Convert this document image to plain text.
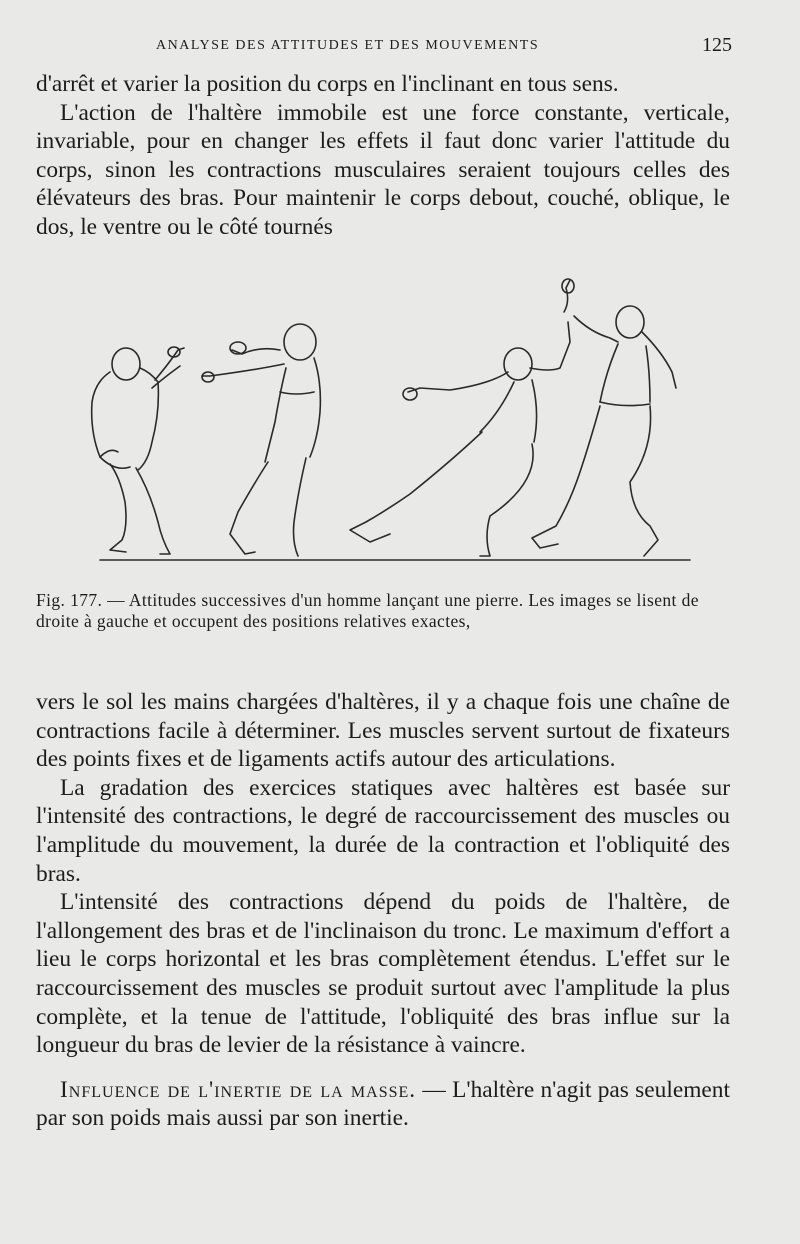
ANALYSE DES ATTITUDES ET DES MOUVEMENTS	125

d'arrêt et varier la position du corps en l'inclinant en tous sens.

L'action de l'haltère immobile est une force constante, verticale, invariable, pour en changer les effets il faut donc varier l'attitude du corps, sinon les contractions musculaires seraient toujours celles des élévateurs des bras. Pour maintenir le corps debout, couché, oblique, le dos, le ventre ou le côté tournés

Fig. 177. — Attitudes successives d'un homme lançant une pierre. Les images se lisent de droite à gauche et occupent des positions relatives exactes,

vers le sol les mains chargées d'haltères, il y a chaque fois une chaîne de contractions facile à déterminer. Les muscles servent surtout de fixateurs des points fixes et de ligaments actifs autour des articulations.

La gradation des exercices statiques avec haltères est basée sur l'intensité des contractions, le degré de raccourcissement des muscles ou l'amplitude du mouvement, la durée de la contraction et l'obliquité des bras.

L'intensité des contractions dépend du poids de l'haltère, de l'allongement des bras et de l'inclinaison du tronc. Le maximum d'effort a lieu le corps horizontal et les bras complètement étendus. L'effet sur le raccourcissement des muscles se produit surtout avec l'amplitude la plus complète, et la tenue de l'attitude, l'obliquité des bras influe sur la longueur du bras de levier de la résistance à vaincre.

Influence de l'inertie de la masse. — L'haltère n'agit pas seulement par son poids mais aussi par son inertie.
